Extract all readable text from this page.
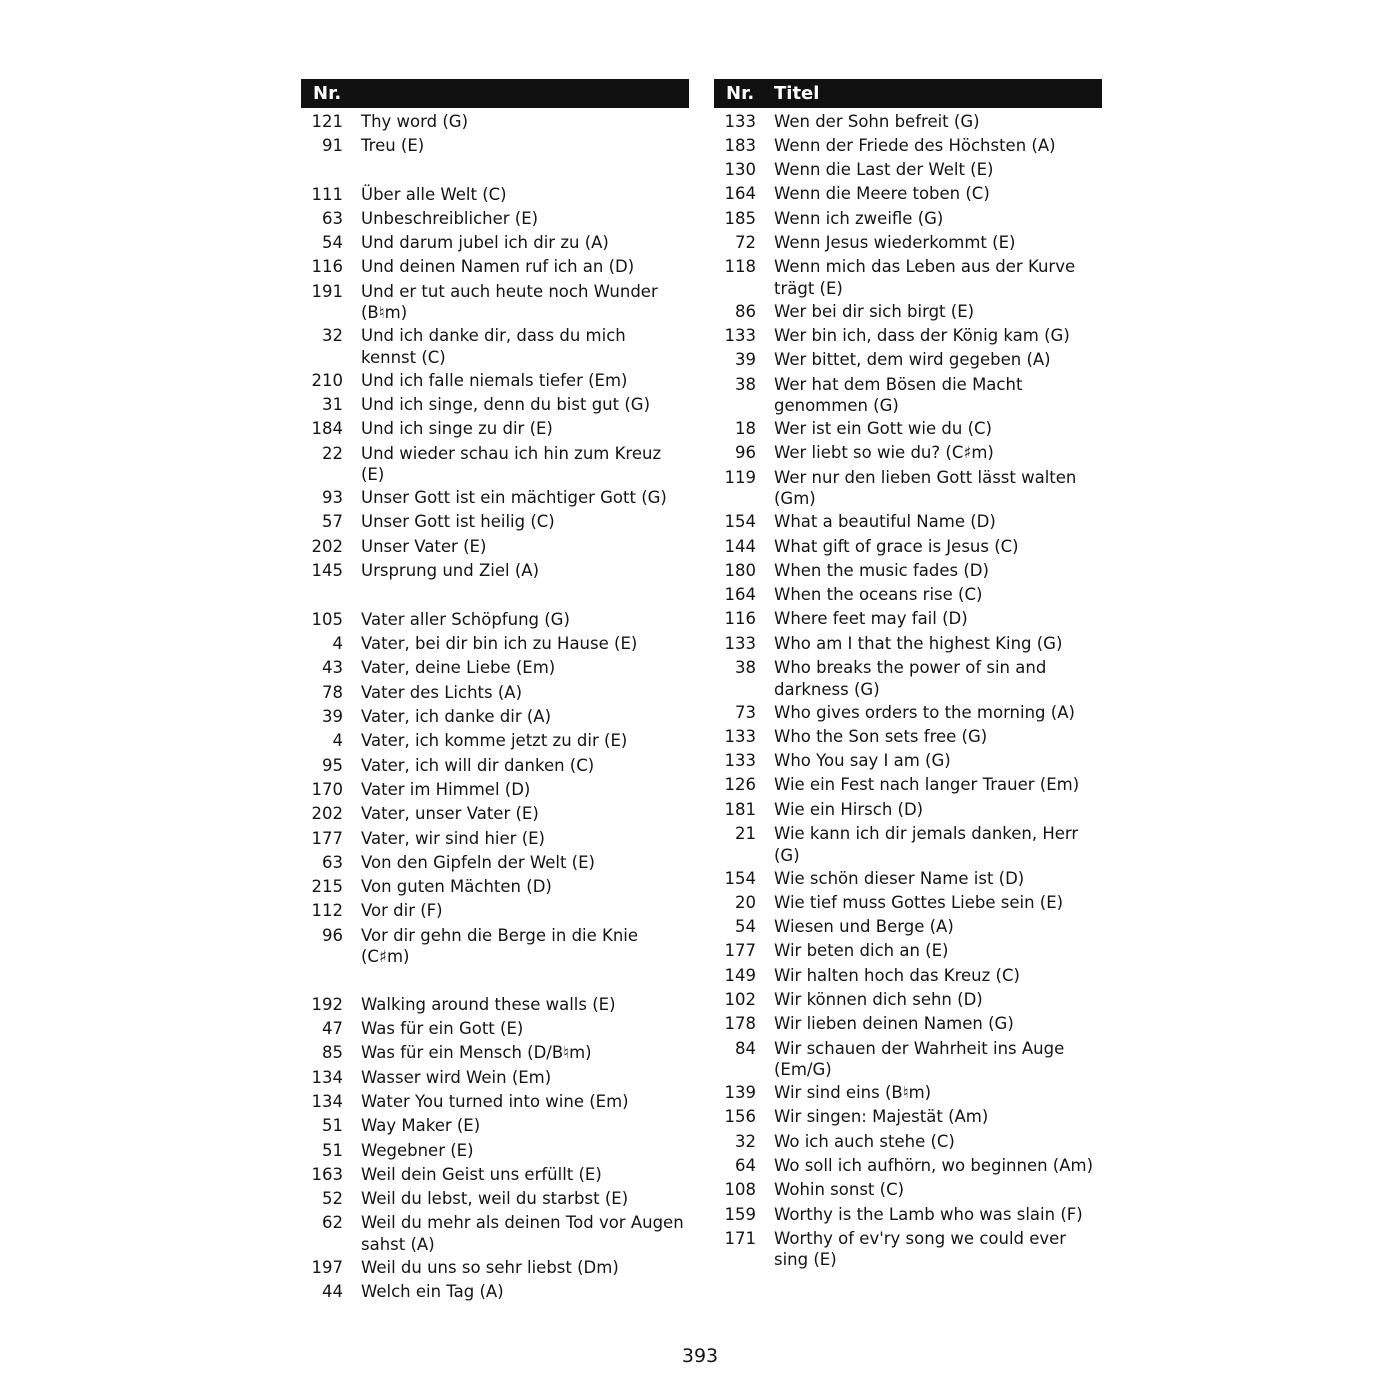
Nr.
121 Thy word (G)
91 Treu (E)
111 Über alle Welt (C)
63 Unbeschreiblicher (E)
54 Und darum jubel ich dir zu (A)
116 Und deinen Namen ruf ich an (D)
191 Und er tut auch heute noch Wunder (B♮m)
32 Und ich danke dir, dass du mich kennst (C)
210 Und ich falle niemals tiefer (Em)
31 Und ich singe, denn du bist gut (G)
184 Und ich singe zu dir (E)
22 Und wieder schau ich hin zum Kreuz (E)
93 Unser Gott ist ein mächtiger Gott (G)
57 Unser Gott ist heilig (C)
202 Unser Vater (E)
145 Ursprung und Ziel (A)
105 Vater aller Schöpfung (G)
4 Vater, bei dir bin ich zu Hause (E)
43 Vater, deine Liebe (Em)
78 Vater des Lichts (A)
39 Vater, ich danke dir (A)
4 Vater, ich komme jetzt zu dir (E)
95 Vater, ich will dir danken (C)
170 Vater im Himmel (D)
202 Vater, unser Vater (E)
177 Vater, wir sind hier (E)
63 Von den Gipfeln der Welt (E)
215 Von guten Mächten (D)
112 Vor dir (F)
96 Vor dir gehn die Berge in die Knie (C♯m)
192 Walking around these walls (E)
47 Was für ein Gott (E)
85 Was für ein Mensch (D/B♮m)
134 Wasser wird Wein (Em)
134 Water You turned into wine (Em)
51 Way Maker (E)
51 Wegebner (E)
163 Weil dein Geist uns erfüllt (E)
52 Weil du lebst, weil du starbst (E)
62 Weil du mehr als deinen Tod vor Augen sahst (A)
197 Weil du uns so sehr liebst (Dm)
44 Welch ein Tag (A)
Nr. Titel
133 Wen der Sohn befreit (G)
183 Wenn der Friede des Höchsten (A)
130 Wenn die Last der Welt (E)
164 Wenn die Meere toben (C)
185 Wenn ich zweifle (G)
72 Wenn Jesus wiederkommt (E)
118 Wenn mich das Leben aus der Kurve trägt (E)
86 Wer bei dir sich birgt (E)
133 Wer bin ich, dass der König kam (G)
39 Wer bittet, dem wird gegeben (A)
38 Wer hat dem Bösen die Macht genommen (G)
18 Wer ist ein Gott wie du (C)
96 Wer liebt so wie du? (C♯m)
119 Wer nur den lieben Gott lässt walten (Gm)
154 What a beautiful Name (D)
144 What gift of grace is Jesus (C)
180 When the music fades (D)
164 When the oceans rise (C)
116 Where feet may fail (D)
133 Who am I that the highest King (G)
38 Who breaks the power of sin and darkness (G)
73 Who gives orders to the morning (A)
133 Who the Son sets free (G)
133 Who You say I am (G)
126 Wie ein Fest nach langer Trauer (Em)
181 Wie ein Hirsch (D)
21 Wie kann ich dir jemals danken, Herr (G)
154 Wie schön dieser Name ist (D)
20 Wie tief muss Gottes Liebe sein (E)
54 Wiesen und Berge (A)
177 Wir beten dich an (E)
149 Wir halten hoch das Kreuz (C)
102 Wir können dich sehn (D)
178 Wir lieben deinen Namen (G)
84 Wir schauen der Wahrheit ins Auge (Em/G)
139 Wir sind eins (B♮m)
156 Wir singen: Majestät (Am)
32 Wo ich auch stehe (C)
64 Wo soll ich aufhörn, wo beginnen (Am)
108 Wohin sonst (C)
159 Worthy is the Lamb who was slain (F)
171 Worthy of ev'ry song we could ever sing (E)
393
